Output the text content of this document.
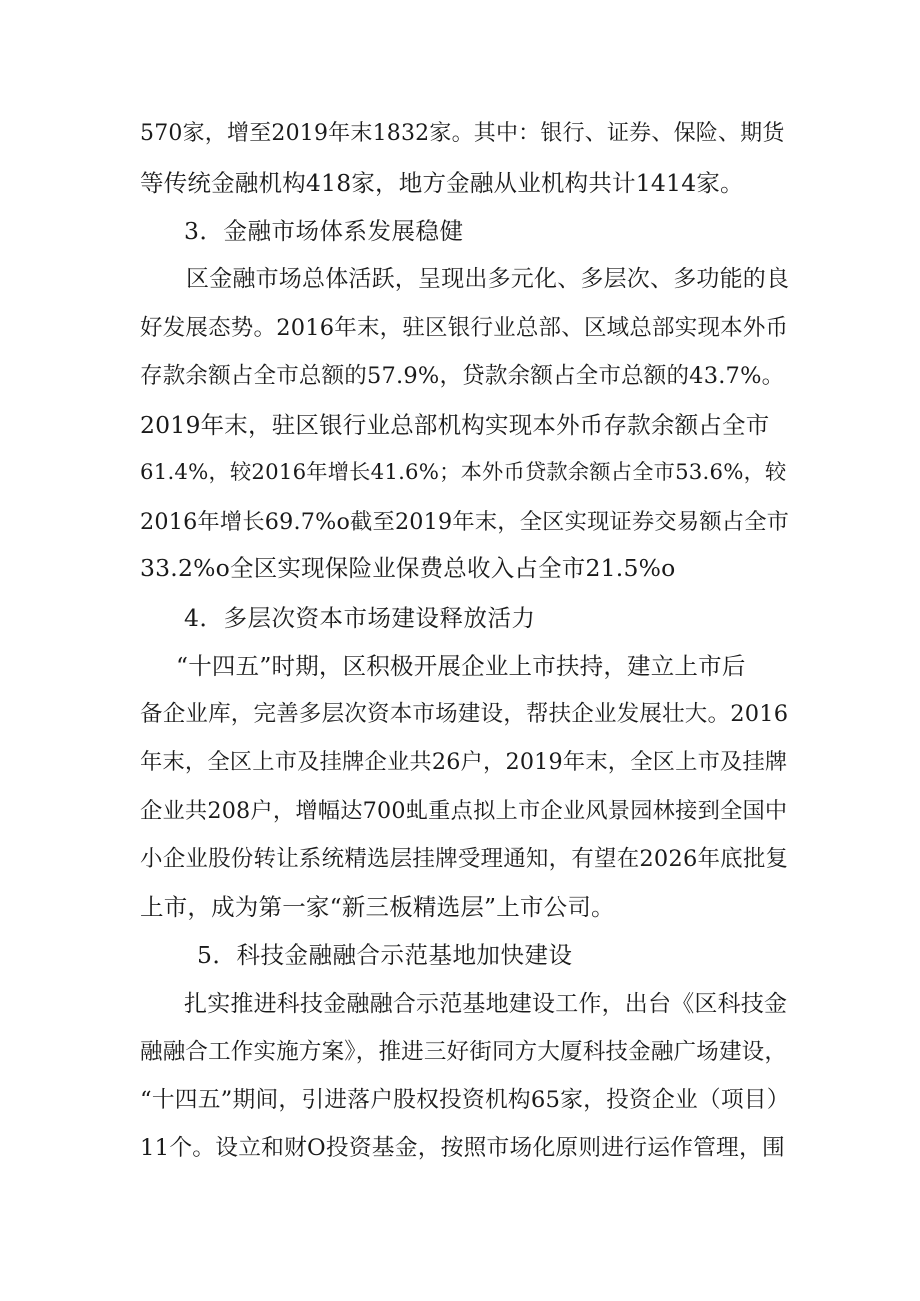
570家，增至2019年末1832家。其中：银行、证券、保险、期货
等传统金融机构418家，地方金融从业机构共计1414家。
3．金融市场体系发展稳健
区金融市场总体活跃，呈现出多元化、多层次、多功能的良
好发展态势。2016年末，驻区银行业总部、区域总部实现本外币
存款余额占全市总额的57.9%，贷款余额占全市总额的43.7%。
2019年末，驻区银行业总部机构实现本外币存款余额占全市
61.4%，较2016年增长41.6%；本外币贷款余额占全市53.6%，较
2016年增长69.7%o截至2019年末，全区实现证券交易额占全市
33.2%o全区实现保险业保费总收入占全市21.5%o
4．多层次资本市场建设释放活力
“十四五”时期，区积极开展企业上市扶持，建立上市后
备企业库，完善多层次资本市场建设，帮扶企业发展壮大。2016
年末，全区上市及挂牌企业共26户，2019年末，全区上市及挂牌
企业共208户，增幅达700虬重点拟上市企业风景园林接到全国中
小企业股份转让系统精选层挂牌受理通知，有望在2026年底批复
上市，成为第一家“新三板精选层”上市公司。
5．科技金融融合示范基地加快建设
扎实推进科技金融融合示范基地建设工作，出台《区科技金
融融合工作实施方案》，推进三好街同方大厦科技金融广场建设，
“十四五”期间，引进落户股权投资机构65家，投资企业（项目）
11个。设立和财O投资基金，按照市场化原则进行运作管理，围
